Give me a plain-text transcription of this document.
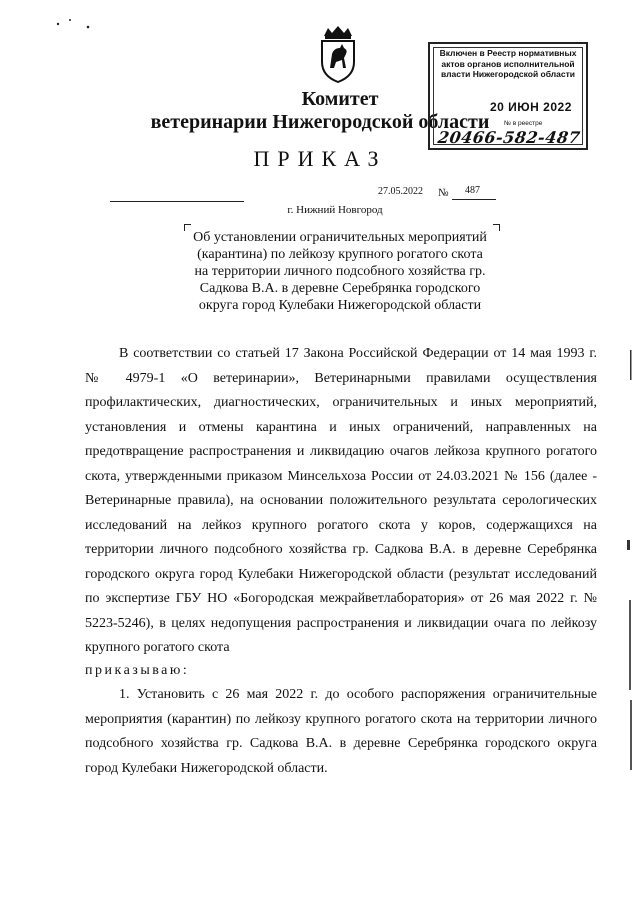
Комитет
ветеринарии Нижегородской области
Включен в Реестр нормативных актов органов исполнительной власти Нижегородской области
20 ИЮН 2022
№ в реестре
20466-582-487
ПРИКАЗ
27.05.2022 № 487
г. Нижний Новгород
Об установлении ограничительных мероприятий (карантина) по лейкозу крупного рогатого скота на территории личного подсобного хозяйства гр. Садкова В.А. в деревне Серебрянка городского округа город Кулебаки Нижегородской области
В соответствии со статьей 17 Закона Российской Федерации от 14 мая 1993 г. № 4979-1 «О ветеринарии», Ветеринарными правилами осуществления профилактических, диагностических, ограничительных и иных мероприятий, установления и отмены карантина и иных ограничений, направленных на предотвращение распространения и ликвидацию очагов лейкоза крупного рогатого скота, утвержденными приказом Минсельхоза России от 24.03.2021 № 156 (далее - Ветеринарные правила), на основании положительного результата серологических исследований на лейкоз крупного рогатого скота у коров, содержащихся на территории личного подсобного хозяйства гр. Садкова В.А. в деревне Серебрянка городского округа город Кулебаки Нижегородской области (результат исследований по экспертизе ГБУ НО «Богородская межрайветлаборатория» от 26 мая 2022 г. № 5223-5246), в целях недопущения распространения и ликвидации очага по лейкозу крупного рогатого скота
приказываю:
1. Установить с 26 мая 2022 г. до особого распоряжения ограничительные мероприятия (карантин) по лейкозу крупного рогатого скота на территории личного подсобного хозяйства гр. Садкова В.А. в деревне Серебрянка городского округа город Кулебаки Нижегородской области.
